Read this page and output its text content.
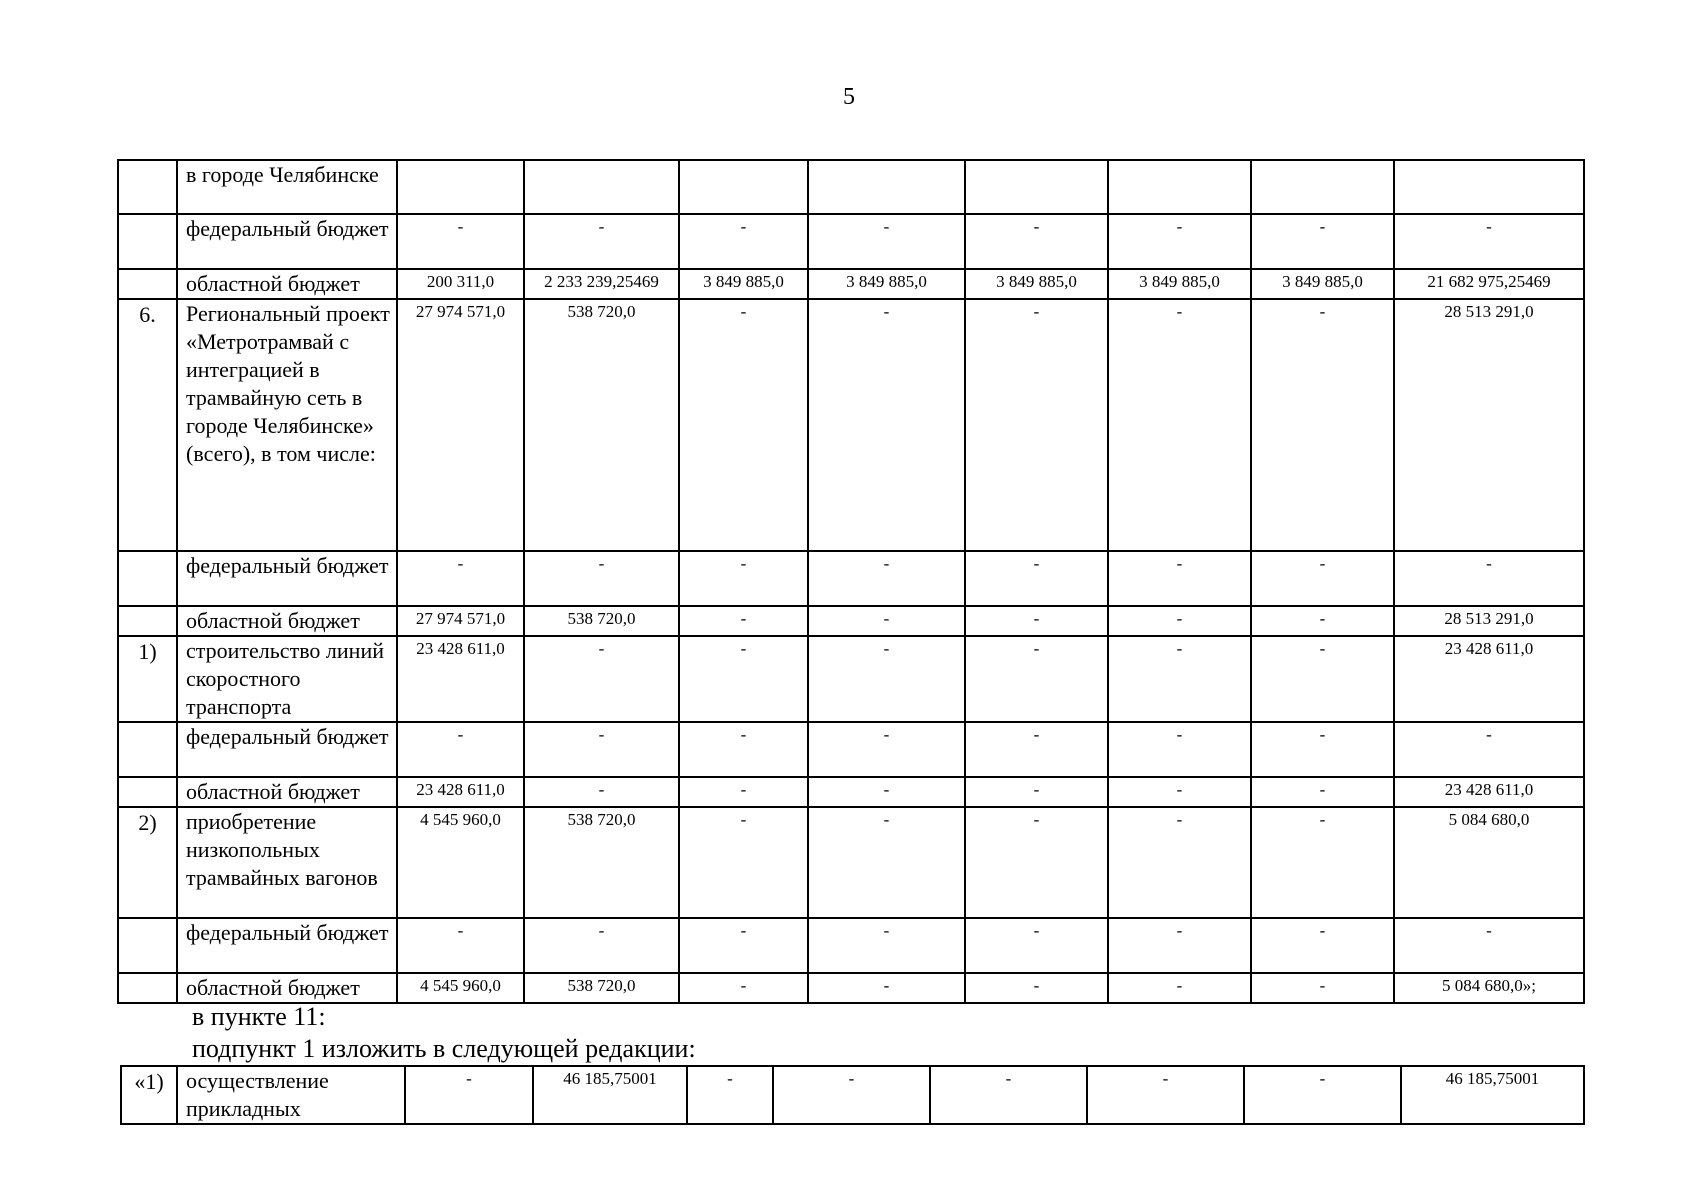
5
	в городе Челябинске								
	федеральный бюджет	-	-	-	-	-	-	-	-
	областной бюджет	200 311,0	2 233 239,25469	3 849 885,0	3 849 885,0	3 849 885,0	3 849 885,0	3 849 885,0	21 682 975,25469
6.	Региональный проект «Метротрамвай с интеграцией в трамвайную сеть в городе Челябинске» (всего), в том числе:	27 974 571,0	538 720,0	-	-	-	-	-	28 513 291,0
	федеральный бюджет	-	-	-	-	-	-	-	-
	областной бюджет	27 974 571,0	538 720,0	-	-	-	-	-	28 513 291,0
1)	строительство линий скоростного транспорта	23 428 611,0	-	-	-	-	-	-	23 428 611,0
	федеральный бюджет	-	-	-	-	-	-	-	-
	областной бюджет	23 428 611,0	-	-	-	-	-	-	23 428 611,0
2)	приобретение низкопольных трамвайных вагонов	4 545 960,0	538 720,0	-	-	-	-	-	5 084 680,0
	федеральный бюджет	-	-	-	-	-	-	-	-
	областной бюджет	4 545 960,0	538 720,0	-	-	-	-	-	5 084 680,0»;
в пункте 11:
подпункт 1 изложить в следующей редакции:
«1)	осуществление прикладных	-	46 185,75001	-	-	-	-	-	46 185,75001
